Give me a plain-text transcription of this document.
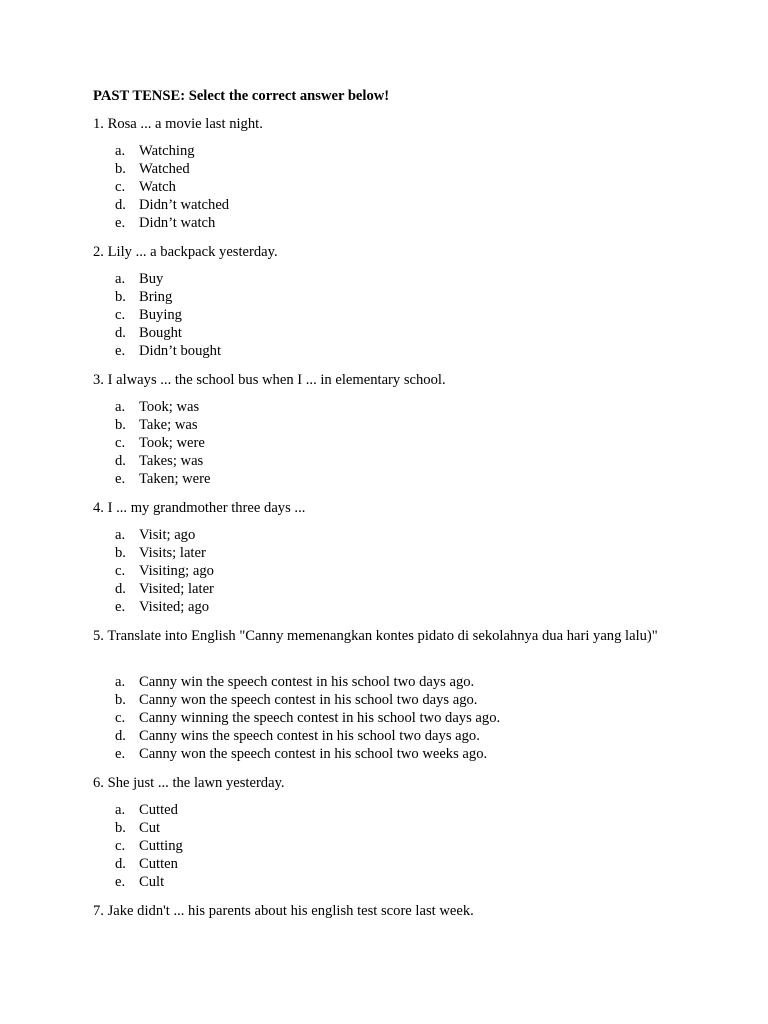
PAST TENSE: Select the correct answer below!
1. Rosa ... a movie last night.
a. Watching
b. Watched
c. Watch
d. Didn’t watched
e. Didn’t watch
2. Lily ... a backpack yesterday.
a. Buy
b. Bring
c. Buying
d. Bought
e. Didn’t bought
3. I always ... the school bus when I ... in elementary school.
a. Took; was
b. Take; was
c. Took; were
d. Takes; was
e. Taken; were
4. I ... my grandmother three days ...
a. Visit; ago
b. Visits; later
c. Visiting; ago
d. Visited; later
e. Visited; ago
5. Translate into English "Canny memenangkan kontes pidato di sekolahnya dua hari yang lalu)"
a. Canny win the speech contest in his school two days ago.
b. Canny won the speech contest in his school two days ago.
c. Canny winning the speech contest in his school two days ago.
d. Canny wins the speech contest in his school two days ago.
e. Canny won the speech contest in his school two weeks ago.
6. She just ... the lawn yesterday.
a. Cutted
b. Cut
c. Cutting
d. Cutten
e. Cult
7. Jake didn't ... his parents about his english test score last week.
